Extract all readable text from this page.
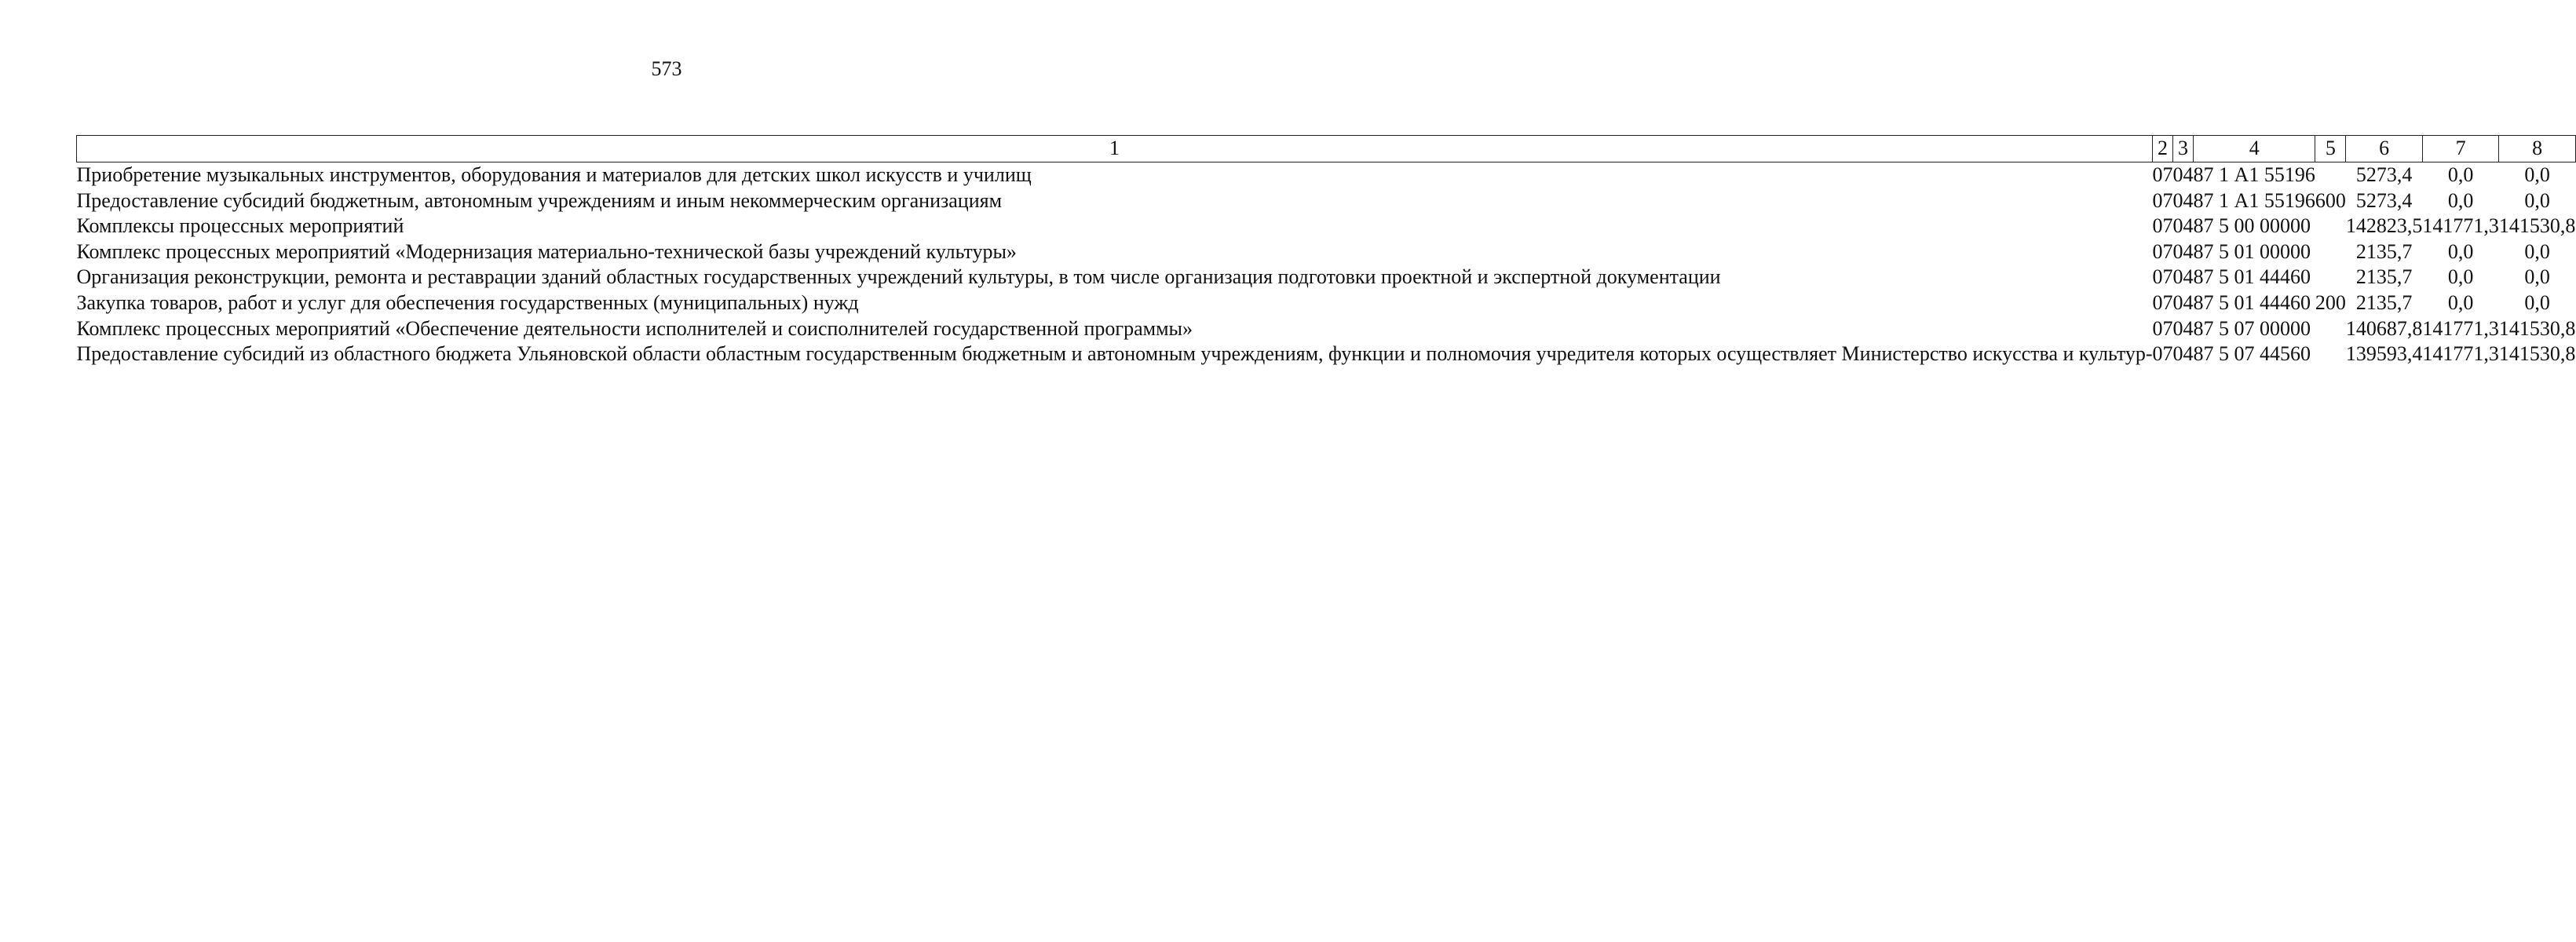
573
1	2	3	4	5	6	7	8
Приобретение музыкальных инструментов, оборудования и материалов для детских школ искусств и училищ	07	04	87 1 А1 55196		5273,4	0,0	0,0
Предоставление субсидий бюджетным, автономным учреждениям и иным некоммерческим организациям	07	04	87 1 А1 55196	600	5273,4	0,0	0,0
Комплексы процессных мероприятий	07	04	87 5 00 00000		142823,5	141771,3	141530,8
Комплекс процессных мероприятий «Модернизация материально-технической базы учреждений культуры»	07	04	87 5 01 00000		2135,7	0,0	0,0
Организация реконструкции, ремонта и реставрации зданий областных государственных учреждений культуры, в том числе организация подготовки проектной и экспертной документации	07	04	87 5 01 44460		2135,7	0,0	0,0
Закупка товаров, работ и услуг для обеспечения государственных (муниципальных) нужд	07	04	87 5 01 44460	200	2135,7	0,0	0,0
Комплекс процессных мероприятий «Обеспечение деятельности исполнителей и соисполнителей государственной программы»	07	04	87 5 07 00000		140687,8	141771,3	141530,8
Предоставление субсидий из областного бюджета Ульяновской области областным государственным бюджетным и автономным учреждениям, функции и полномочия учредителя которых осуществляет Министерство искусства и культур-	07	04	87 5 07 44560		139593,4	141771,3	141530,8
